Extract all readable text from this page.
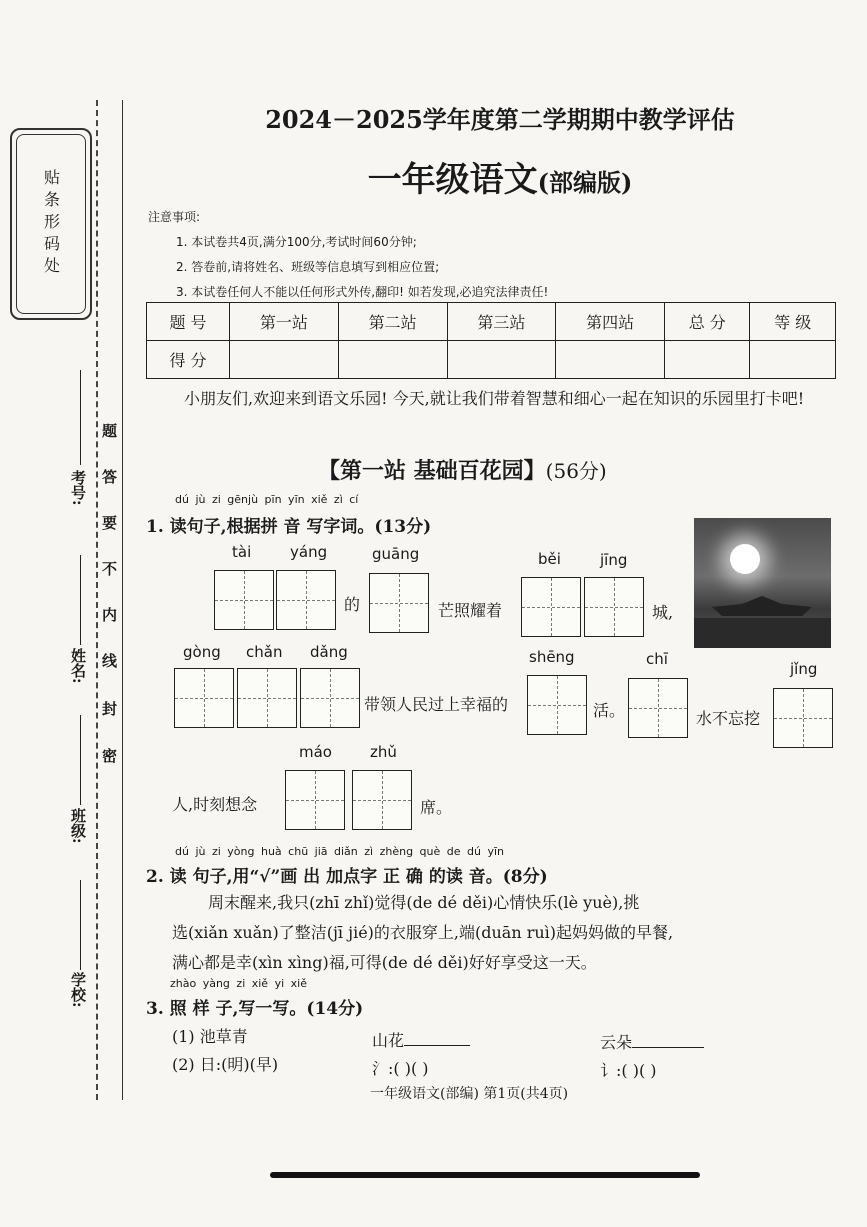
贴条形码处
考号:
姓名:
班级:
学校:
题
答
要
不
内
线
封
密
2024－2025学年度第二学期期中教学评估
一年级语文(部编版)
注意事项:
1. 本试卷共4页,满分100分,考试时间60分钟;
2. 答卷前,请将姓名、班级等信息填写到相应位置;
3. 本试卷任何人不能以任何形式外传,翻印! 如若发现,必追究法律责任!
题 号	第一站	第二站	第三站	第四站	总 分	等 级
得 分						
小朋友们,欢迎来到语文乐园! 今天,就让我们带着智慧和细心一起在知识的乐园里打卡吧!
【第一站 基础百花园】(56分)
dú jù zi gēnjù pīn yīn xiě zì cí
1. 读句子,根据拼 音 写字词。(13分)
tài	yáng	guāng	běi	jīng
的	芒照耀着	城,
gòng chǎn dǎng	shēng	chī
jǐng
带领人民过上幸福的	活。	水不忘挖
máo	zhǔ
人,时刻想念	席。
dú jù zi yòng huà chū jiā diǎn zì zhèng què de dú yīn
2. 读 句子,用“√”画 出 加点字 正 确 的读 音。(8分)
周末醒来,我只(zhī zhǐ)觉得(de dé děi)心情快乐(lè yuè),挑
选(xiǎn xuǎn)了整洁(jī jié)的衣服穿上,端(duān ruì)起妈妈做的早餐,
满心都是幸(xìn xìng)福,可得(de dé děi)好好享受这一天。
zhào yàng zi xiě yi xiě
3. 照 样 子,写一写。(14分)
(1) 池草青	山花	云朵
(2) 日:(明)(早)	氵:( )( )	讠:( )( )
一年级语文(部编) 第1页(共4页)
